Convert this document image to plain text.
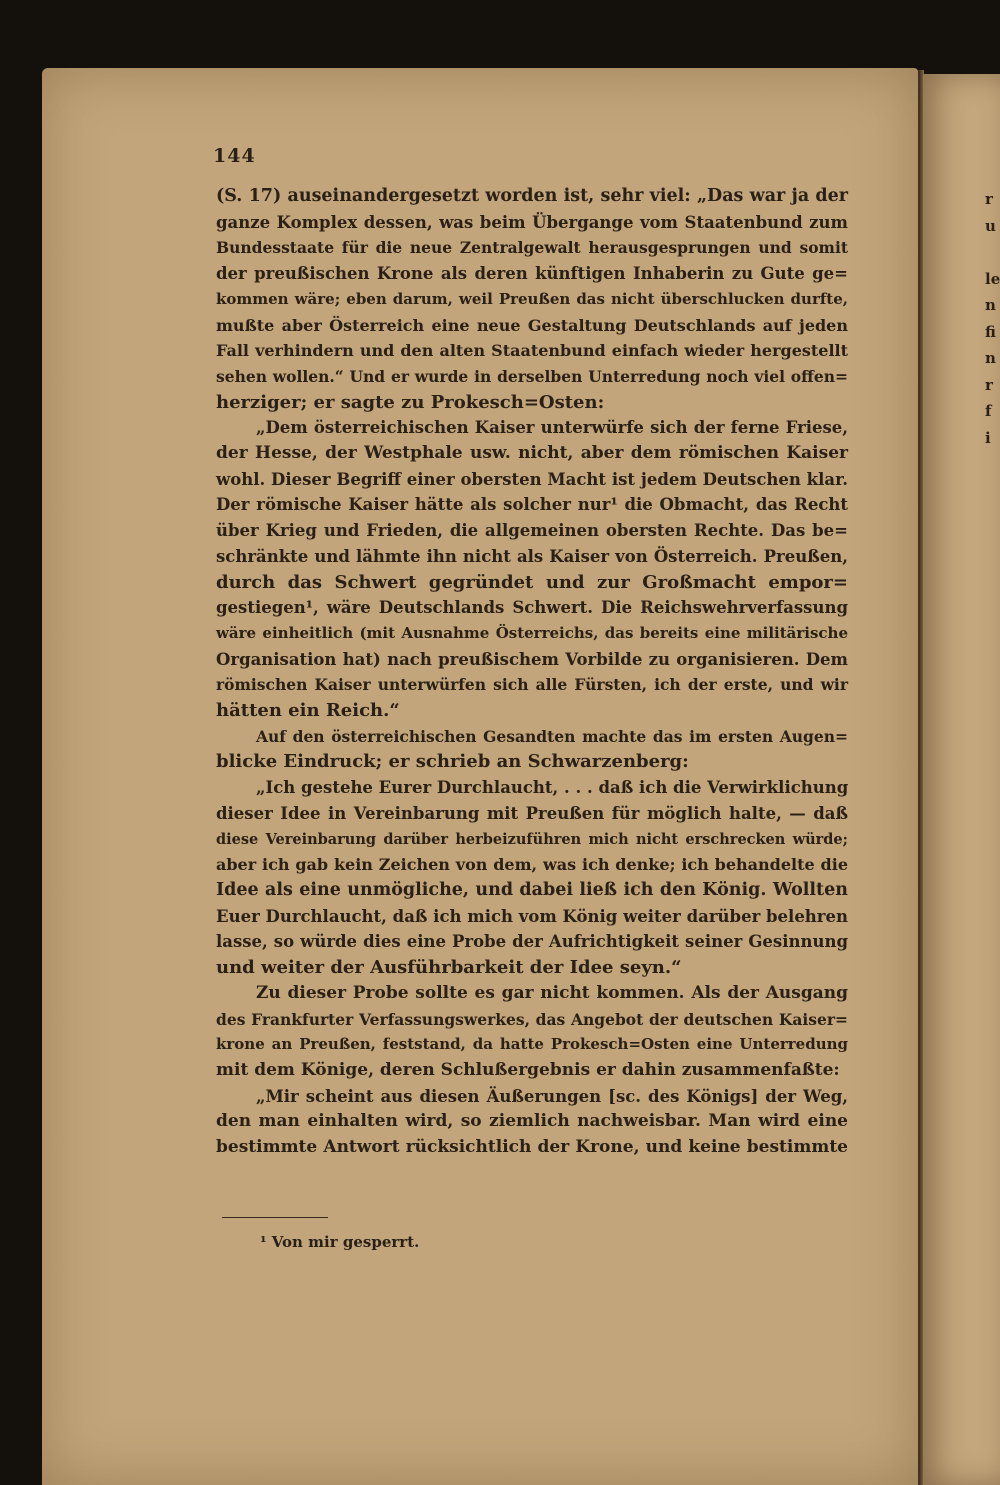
144
(S. 17) auseinandergesetzt worden ist, sehr viel: „Das war ja der
ganze Komplex dessen, was beim Übergange vom Staatenbund zum
Bundesstaate für die neue Zentralgewalt herausgesprungen und somit
der preußischen Krone als deren künftigen Inhaberin zu Gute ge=
kommen wäre; eben darum, weil Preußen das nicht überschlucken durfte,
mußte aber Österreich eine neue Gestaltung Deutschlands auf jeden
Fall verhindern und den alten Staatenbund einfach wieder hergestellt
sehen wollen.“ Und er wurde in derselben Unterredung noch viel offen=
herziger; er sagte zu Prokesch=Osten:
„Dem österreichischen Kaiser unterwürfe sich der ferne Friese,
der Hesse, der Westphale usw. nicht, aber dem römischen Kaiser
wohl. Dieser Begriff einer obersten Macht ist jedem Deutschen klar.
Der römische Kaiser hätte als solcher nur¹ die Obmacht, das Recht
über Krieg und Frieden, die allgemeinen obersten Rechte. Das be=
schränkte und lähmte ihn nicht als Kaiser von Österreich. Preußen,
durch das Schwert gegründet und zur Großmacht empor=
gestiegen¹, wäre Deutschlands Schwert. Die Reichswehrverfassung
wäre einheitlich (mit Ausnahme Österreichs, das bereits eine militärische
Organisation hat) nach preußischem Vorbilde zu organisieren. Dem
römischen Kaiser unterwürfen sich alle Fürsten, ich der erste, und wir
hätten ein Reich.“
Auf den österreichischen Gesandten machte das im ersten Augen=
blicke Eindruck; er schrieb an Schwarzenberg:
„Ich gestehe Eurer Durchlaucht, . . . daß ich die Verwirklichung
dieser Idee in Vereinbarung mit Preußen für möglich halte, — daß
diese Vereinbarung darüber herbeizuführen mich nicht erschrecken würde;
aber ich gab kein Zeichen von dem, was ich denke; ich behandelte die
Idee als eine unmögliche, und dabei ließ ich den König. Wollten
Euer Durchlaucht, daß ich mich vom König weiter darüber belehren
lasse, so würde dies eine Probe der Aufrichtigkeit seiner Gesinnung
und weiter der Ausführbarkeit der Idee seyn.“
Zu dieser Probe sollte es gar nicht kommen. Als der Ausgang
des Frankfurter Verfassungswerkes, das Angebot der deutschen Kaiser=
krone an Preußen, feststand, da hatte Prokesch=Osten eine Unterredung
mit dem Könige, deren Schlußergebnis er dahin zusammenfaßte:
„Mir scheint aus diesen Äußerungen [sc. des Königs] der Weg,
den man einhalten wird, so ziemlich nachweisbar. Man wird eine
bestimmte Antwort rücksichtlich der Krone, und keine bestimmte
¹ Von mir gesperrt.
r
u

le
n
fi
n
r
f
i
